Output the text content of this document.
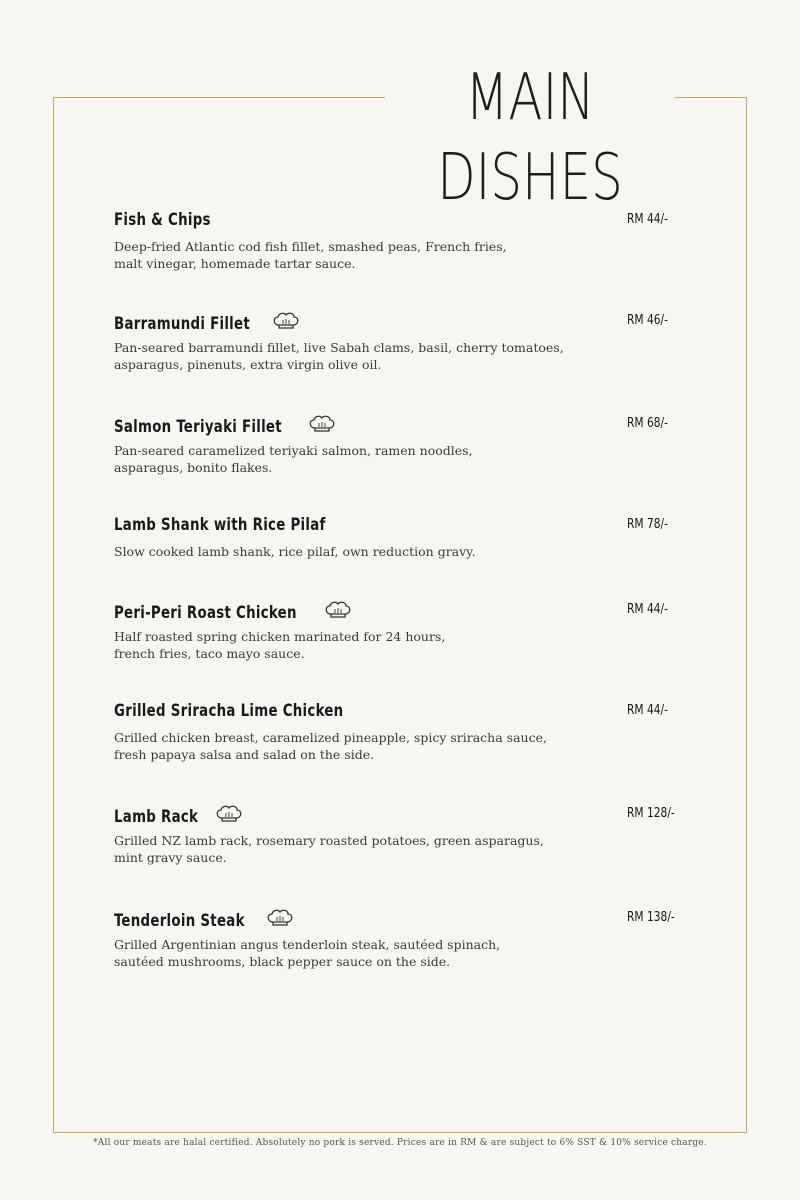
MAIN DISHES
Fish & Chips	RM 44/-
Deep-fried Atlantic cod fish fillet, smashed peas, French fries,
malt vinegar, homemade tartar sauce.
Barramundi Fillet	RM 46/-
Pan-seared barramundi fillet, live Sabah clams, basil, cherry tomatoes,
asparagus, pinenuts, extra virgin olive oil.
Salmon Teriyaki Fillet	RM 68/-
Pan-seared caramelized teriyaki salmon, ramen noodles,
asparagus, bonito flakes.
Lamb Shank with Rice Pilaf	RM 78/-
Slow cooked lamb shank, rice pilaf, own reduction gravy.
Peri-Peri Roast Chicken	RM 44/-
Half roasted spring chicken marinated for 24 hours,
french fries, taco mayo sauce.
Grilled Sriracha Lime Chicken	RM 44/-
Grilled chicken breast, caramelized pineapple, spicy sriracha sauce,
fresh papaya salsa and salad on the side.
Lamb Rack	RM 128/-
Grilled NZ lamb rack, rosemary roasted potatoes, green asparagus,
mint gravy sauce.
Tenderloin Steak	RM 138/-
Grilled Argentinian angus tenderloin steak, sautéed spinach,
sautéed mushrooms, black pepper sauce on the side.
*All our meats are halal certified. Absolutely no pork is served. Prices are in RM & are subject to 6% SST & 10% service charge.
